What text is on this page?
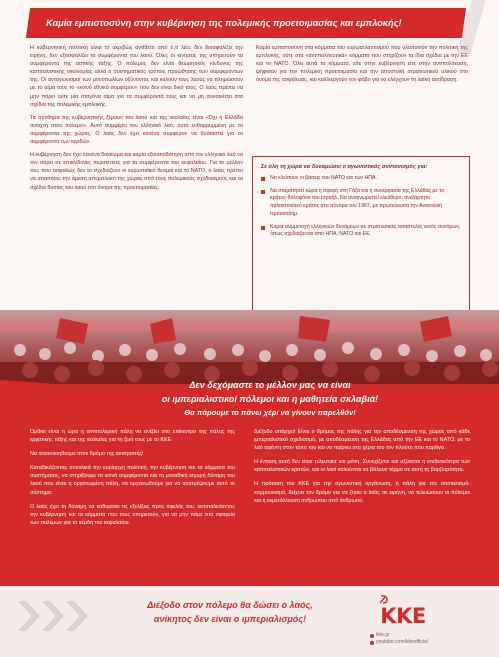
Καμία εμπιστοσύνη στην κυβέρνηση της πολεμικής προετοιμασίας και εμπλοκής!

Η κυβερνητική πολιτική είναι το ακριβώς αντίθετο από ό,τι λέει: δεν διασφαλίζει την ειρήνη, δεν εξασφαλίζει τα συμφέροντα του λαού. Όλες οι κινήσεις της υπηρετούν τα συμφέροντα της αστικής τάξης. Ο πόλεμος δεν είναι θεωρητικός κίνδυνος της καπιταλιστικής οικονομίας αλλά ο συστηματικός τρόπος προώθησης των συμφερόντων της. Οι ανταγωνισμοί των μονοπωλίων οξύνονται, και καλούν τους λαούς να πληρώσουν με το αίμα τους το «κοινό εθνικό συμφέρον» που δεν είναι δικό τους. Ο λαός πρέπει να μην πάρει ούτε μία σταγόνα αίμα για τα συμφέροντά τους και να μη συναινέσει στα σχέδια της πολεμικής εμπλοκής.

Τα σύνθημα της κυβερνητικής ξέρουν του λαού και της νεολαίας είναι «Όχι η Ελλάδα ανοιχτή στον πόλεμο». Αυτό συμφέρει τον ελληνικό λαό, αυτό ενθαρρυμμένη με τα συμφέροντα της χώρας. Ο λαός δεν έχει κανένα συμφέρον να θυσιαστεί για τα συμφέροντα των κερδών.

Η κυβέρνηση δεν έχει κανένα δικαίωμα και καμία εξουσιοδότηση από τον ελληνικό λαό να τον σύρει σε επικίνδυνες περιπέτειες για τα συμφέροντα του κεφαλαίου. Για το μέλλον του, που ασφαλώς δεν το σχεδιάζουν οι ευρωπαϊκοί θεσμοί και το ΝΑΤΟ, ο λαός πρέπει να απαιτήσει την άμεση απεμπλοκή της χώρας από τους πολεμικούς σχεδιασμούς και τα σχέδια θυσίας του λαού στο όνομα της προετοιμασίας.

Καμία εμπιστοσύνη στα κόμματα του ευρωατλαντισμού που υλοποιούν την πολιτική της εμπλοκής, ούτε στα «αντιπολιτευτικά» κόμματα που στηρίζουν τα ίδια σχέδια με την ΕΕ και το ΝΑΤΟ. Όλα αυτά τα κόμματα, είτε στην κυβέρνηση είτε στην αντιπολίτευση, ψήφισαν για την πολεμική προετοιμασία και την αποστολή στρατιωτικού υλικού στο όνομα της ασφάλειας, και καλλιεργούν τον φόβο για να ελέγχουν τη λαϊκή αντίδραση.

Σε όλη τη χώρα να δυναμώσει ο αγωνιστικός συντονισμός για:
Να κλείσουν οι βάσεις του ΝΑΤΟ και των ΗΠΑ.
Να σταματήσει τώρα η σφαγή στη Γάζα και η συνεργασία της Ελλάδας με το κράτος-δολοφόνο του Ισραήλ. Να αναγνωριστεί ελεύθερο, ανεξάρτητο παλαιστινιακό κράτος στα σύνορα του 1967, με πρωτεύουσα την Ανατολική Ιερουσαλήμ.
Καμία συμμετοχή ελληνικών δυνάμεων σε στρατιωτικές αποστολές εκτός συνόρων, όπως σχεδιάζονται από ΗΠΑ, ΝΑΤΟ και ΕΕ.
Δεν δεχόμαστε το μέλλον μας να είναι
οι ιμπεριαλιστικοί πόλεμοι και η μαθητεία σκλαβιά!
Θα πάρουμε το πάνω χέρι να γίνουν παρελθόν!

Όρθιοι είναι η ώρα η αντιπολεμική πάλη να ανέβει στο επίκεντρο της πάλης της εργατικής τάξης και της νεολαίας για τη ζωή τους με το ΚΚΕ.

Να συνεννοηθούμε στον δρόμο της ανατροπής!

Καταδικάζοντας συνολικά την κυρίαρχη πολιτική, την κυβέρνηση και τα κόμματα του συστήματος, να στηρίξουμε τα κοινά συμφέροντα και τη μοναδική ισχυρή δύναμη του λαού που είναι η οργανωμένη πάλη, να οργανωθούμε για να ανατρέψουμε αυτό το σύστημα.

Ο λαός έχει τη δύναμη να καθορίσει τις εξελίξεις προς όφελός του, αντιπαλεύοντας την κυβέρνηση και τα κόμματα που τους υπηρετούν, για να μην πάμε στα σφαγεία των πολέμων για τα κέρδη του κεφαλαίου.

Διέξοδο υπάρχει! Είναι ο δρόμος της πάλης για την αποδέσμευση της χώρας από κάθε ιμπεριαλιστικό σχεδιασμό, με αποδέσμευση της Ελλάδας από την ΕΕ και το ΝΑΤΟ, με το λαό αφέντη στον τόπο του και να παίρνει στα χέρια του τον πλούτο που παράγει.

Η ένταση αυτή δεν είναι τελευταία και μόνη. Συνεχίζεται και οξύνεται η επιθετικότητα των καπιταλιστικών κρατών, και οι λαοί καλούνται να βάλουν τέρμα σε αυτή τη βαρβαρότητα.

Η πρόταση του ΚΚΕ για την αγωνιστική οργάνωση, η πάλη για τον σοσιαλισμό-κομμουνισμό, δείχνει τον δρόμο για να ζήσει ο λαός σε ειρήνη, να τελειώσουν οι πόλεμοι και η εκμετάλλευση ανθρώπου από άνθρωπο.

Διέξοδο στον πόλεμο θα δώσει ο λαός,
ανίκητος δεν είναι ο ιμπεριαλισμός!	ΚΚΕ
kke.gr
youtube.com/kkeofficial
